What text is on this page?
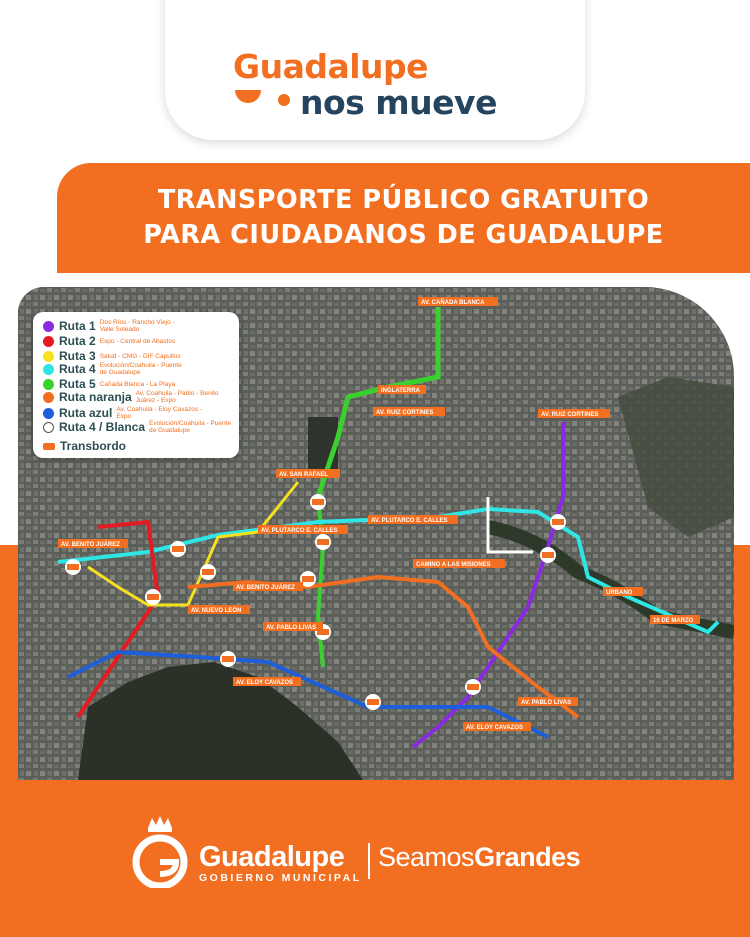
Guadalupe
nos mueve
TRANSPORTE PÚBLICO GRATUITO
PARA CIUDADANOS DE GUADALUPE
AV. SAN RAFAEL
AV. PLUTARCO E. CALLES
AV. PLUTARCO E. CALLES
AV. BENITO JUÁREZ
AV. BENITO JUÁREZ
AV. NUEVO LEÓN
AV. PABLO LIVAS
AV. ELOY CAVAZOS
AV. ELOY CAVAZOS
AV. PABLO LIVAS
AV. RUIZ CORTINES	AV. RUIZ CORTINES
INGLATERRA
AV. CAÑADA BLANCA
CAMINO A LAS MISIONES
URBANO
16 DE MARZO
Ruta 1 Dos Ríos - Rancho Viejo - Valle Soleado
Ruta 2 Expo - Central de Abastos
Ruta 3 Salud - CMG - DIF Capullos
Ruta 4 Evolución/Coahuila - Puente de Guadalupe
Ruta 5 Cañada Blanca - La Playa
Ruta naranja Av. Coahuila - Pablo - Benito Juárez - Expo
Ruta azul Av. Coahuila - Eloy Cavazos - Expo
Ruta 4 / Blanca Evolución/Coahuila - Puente de Guadalupe
Transbordo
Guadalupe
GOBIERNO MUNICIPAL
SeamosGrandes
